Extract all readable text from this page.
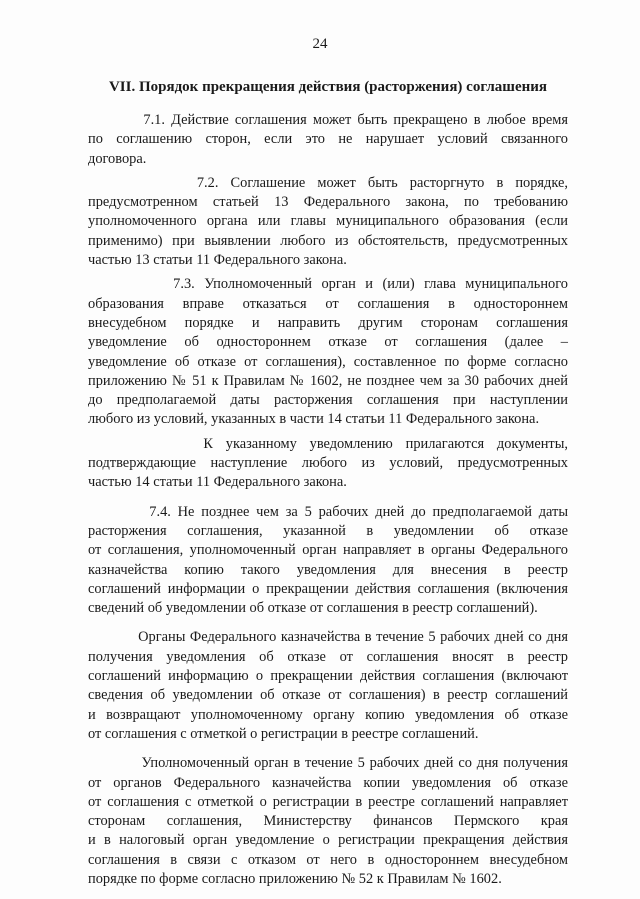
24
VII. Порядок прекращения действия (расторжения) соглашения
7.1. Действие соглашения может быть прекращено в любое время
по соглашению сторон, если это не нарушает условий связанного
договора.
7.2. Соглашение может быть расторгнуто в порядке,
предусмотренном статьей 13 Федерального закона, по требованию
уполномоченного органа или главы муниципального образования (если
применимо) при выявлении любого из обстоятельств, предусмотренных
частью 13 статьи 11 Федерального закона.
7.3. Уполномоченный орган и (или) глава муниципального
образования вправе отказаться от соглашения в одностороннем
внесудебном порядке и направить другим сторонам соглашения
уведомление об одностороннем отказе от соглашения (далее –
уведомление об отказе от соглашения), составленное по форме согласно
приложению № 51 к Правилам № 1602, не позднее чем за 30 рабочих дней
до предполагаемой даты расторжения соглашения при наступлении
любого из условий, указанных в части 14 статьи 11 Федерального закона.
К указанному уведомлению прилагаются документы,
подтверждающие наступление любого из условий, предусмотренных
частью 14 статьи 11 Федерального закона.
7.4. Не позднее чем за 5 рабочих дней до предполагаемой даты
расторжения соглашения, указанной в уведомлении об отказе
от соглашения, уполномоченный орган направляет в органы Федерального
казначейства копию такого уведомления для внесения в реестр
соглашений информации о прекращении действия соглашения (включения
сведений об уведомлении об отказе от соглашения в реестр соглашений).
Органы Федерального казначейства в течение 5 рабочих дней со дня
получения уведомления об отказе от соглашения вносят в реестр
соглашений информацию о прекращении действия соглашения (включают
сведения об уведомлении об отказе от соглашения) в реестр соглашений
и возвращают уполномоченному органу копию уведомления об отказе
от соглашения с отметкой о регистрации в реестре соглашений.
Уполномоченный орган в течение 5 рабочих дней со дня получения
от органов Федерального казначейства копии уведомления об отказе
от соглашения с отметкой о регистрации в реестре соглашений направляет
сторонам соглашения, Министерству финансов Пермского края
и в налоговый орган уведомление о регистрации прекращения действия
соглашения в связи с отказом от него в одностороннем внесудебном
порядке по форме согласно приложению № 52 к Правилам № 1602.
